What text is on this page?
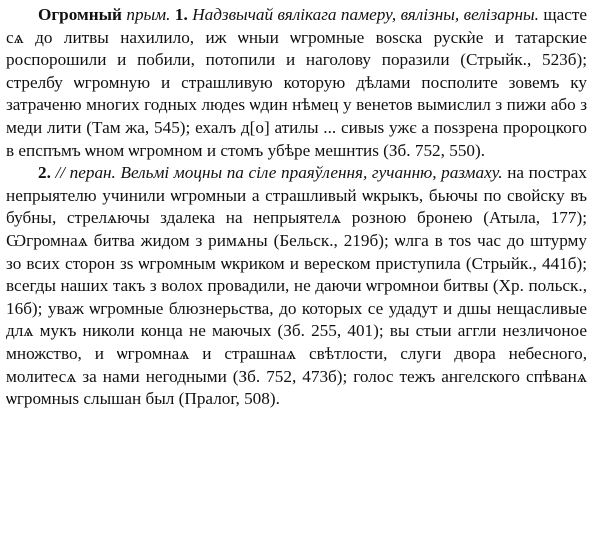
Огромный прым. 1. Надзвычай вялікага памеру, вялізны, велізарны. щасте сѧ до литвы нахилило, иж ѡныи ѡгромные воѕска рускѝе и татарские роспорошили и побили, потопили и наголову поразили (Стрыйк., 523б); стрелбу ѡгромную и страшливую которую дѣлами посполите зовемъ ку затраченю многих годных людеѕ ѡдин нѣмец у венетов вымислил з пижи або з меди лити (Там жа, 545); ехалъ д[о] атилы ... сивыѕ ужє а поѕзрена пророцкого в епспъмъ ѡном ѡгромном и стомъ убѣре мешнтиѕ (Зб. 752, 550).

2. // перан. Вельмі моцны па сіле праяўлення, гучанню, размаху. на пострах непрыятелю учинили ѡгромныи а страшливый ѡкрыкъ, бьючы по свойску въ бубны, стрелѧючы здалека на непрыятелѧ розною бронею (Атыла, 177); Ѡгромнаѧ битва жидом з римѧны (Бельск., 219б); ѡлга в тоѕ час до штурму зо всих сторон зѕ ѡгромным ѡкриком и вереском приступила (Стрыйк., 441б); всегды наших такъ з волох провадили, не даючи ѡгромнои битвы (Хр. польск., 16б); уваж ѡгромные блюзнерьства, до которых се удадут и дшы нещасливые длѧ мукъ николи конца не маючых (Зб. 255, 401); вы стыи аггли незличоное множство, и ѡгромнаѧ и страшнаѧ свѣтлости, слуги двора небесного, молитесѧ за нами негодными (Зб. 752, 473б); голос тежъ ангелского спѣванѧ ѡгромныѕ слышан был (Пралог, 508).
